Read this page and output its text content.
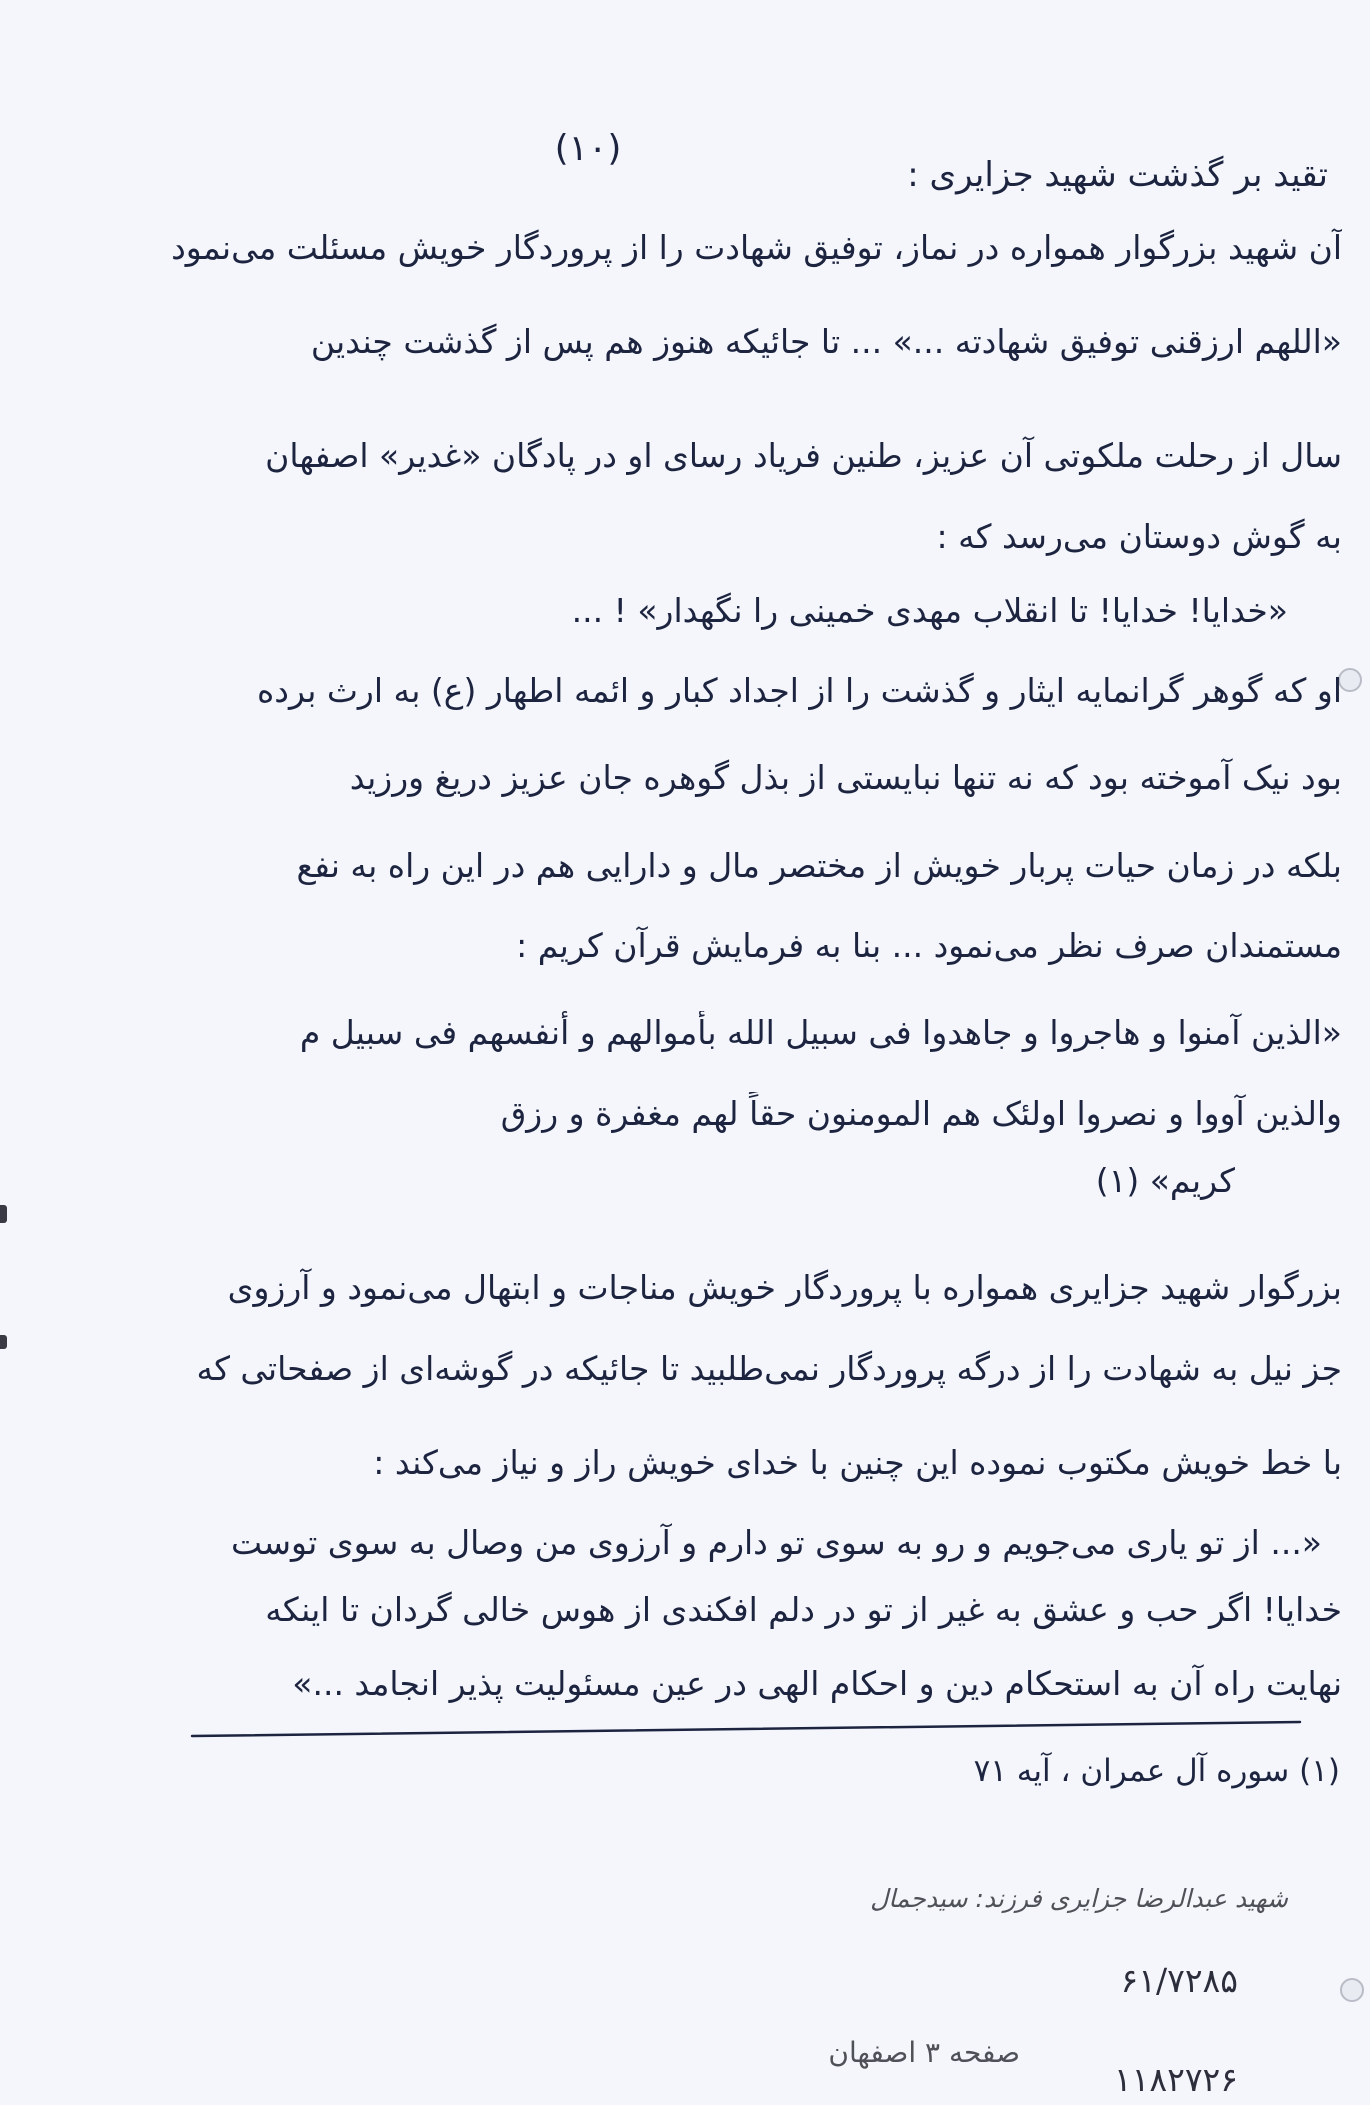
(۱۰)
تقید بر گذشت شهید جزایری :
آن شهید بزرگوار همواره در نماز، توفیق شهادت را از پروردگار خویش مسئلت می‌نمود
«اللهم ارزقنی توفیق شهادته ...» ... تا جائیکه هنوز هم پس از گذشت چندین
سال از رحلت ملکوتی آن عزیز، طنین فریاد رسای او در پادگان «غدیر» اصفهان
به گوش دوستان می‌رسد که :
«خدایا! خدایا! تا انقلاب مهدی خمینی را نگهدار» ! ...
او که گوهر گرانمایه ایثار و گذشت را از اجداد کبار و ائمه اطهار (ع) به ارث برده
بود نیک آموخته بود که نه تنها نبایستی از بذل گوهره جان عزیز دریغ ورزید
بلکه در زمان حیات پربار خویش از مختصر مال و دارایی هم در این راه به نفع
مستمندان صرف نظر می‌نمود ... بنا به فرمایش قرآن کریم :
«الذین آمنوا و هاجروا و جاهدوا فی سبیل الله بأموالهم و أنفسهم فی سبیل م
والذین آووا و نصروا اولئک هم المومنون حقاً لهم مغفرة و رزق
کریم» (۱)
بزرگوار شهید جزایری همواره با پروردگار خویش مناجات و ابتهال می‌نمود و آرزوی
جز نیل به شهادت را از درگه پروردگار نمی‌طلبید تا جائیکه در گوشه‌ای از صفحاتی که
با خط خویش مکتوب نموده این چنین با خدای خویش راز و نیاز می‌کند :
«... از تو یاری می‌جویم و رو به سوی تو دارم و آرزوی من وصال به سوی توست
خدایا! اگر حب و عشق به غیر از تو در دلم افکندی از هوس خالی گردان تا اینکه
نهایت راه آن به استحکام دین و احکام الهی در عین مسئولیت پذیر انجامد ...»
(۱) سوره آل عمران ، آیه ۷۱
شهید عبدالرضا جزایری فرزند: سیدجمال
۶۱/۷۲۸۵
صفحه ۳ اصفهان
۱۱۸۲۷۲۶
